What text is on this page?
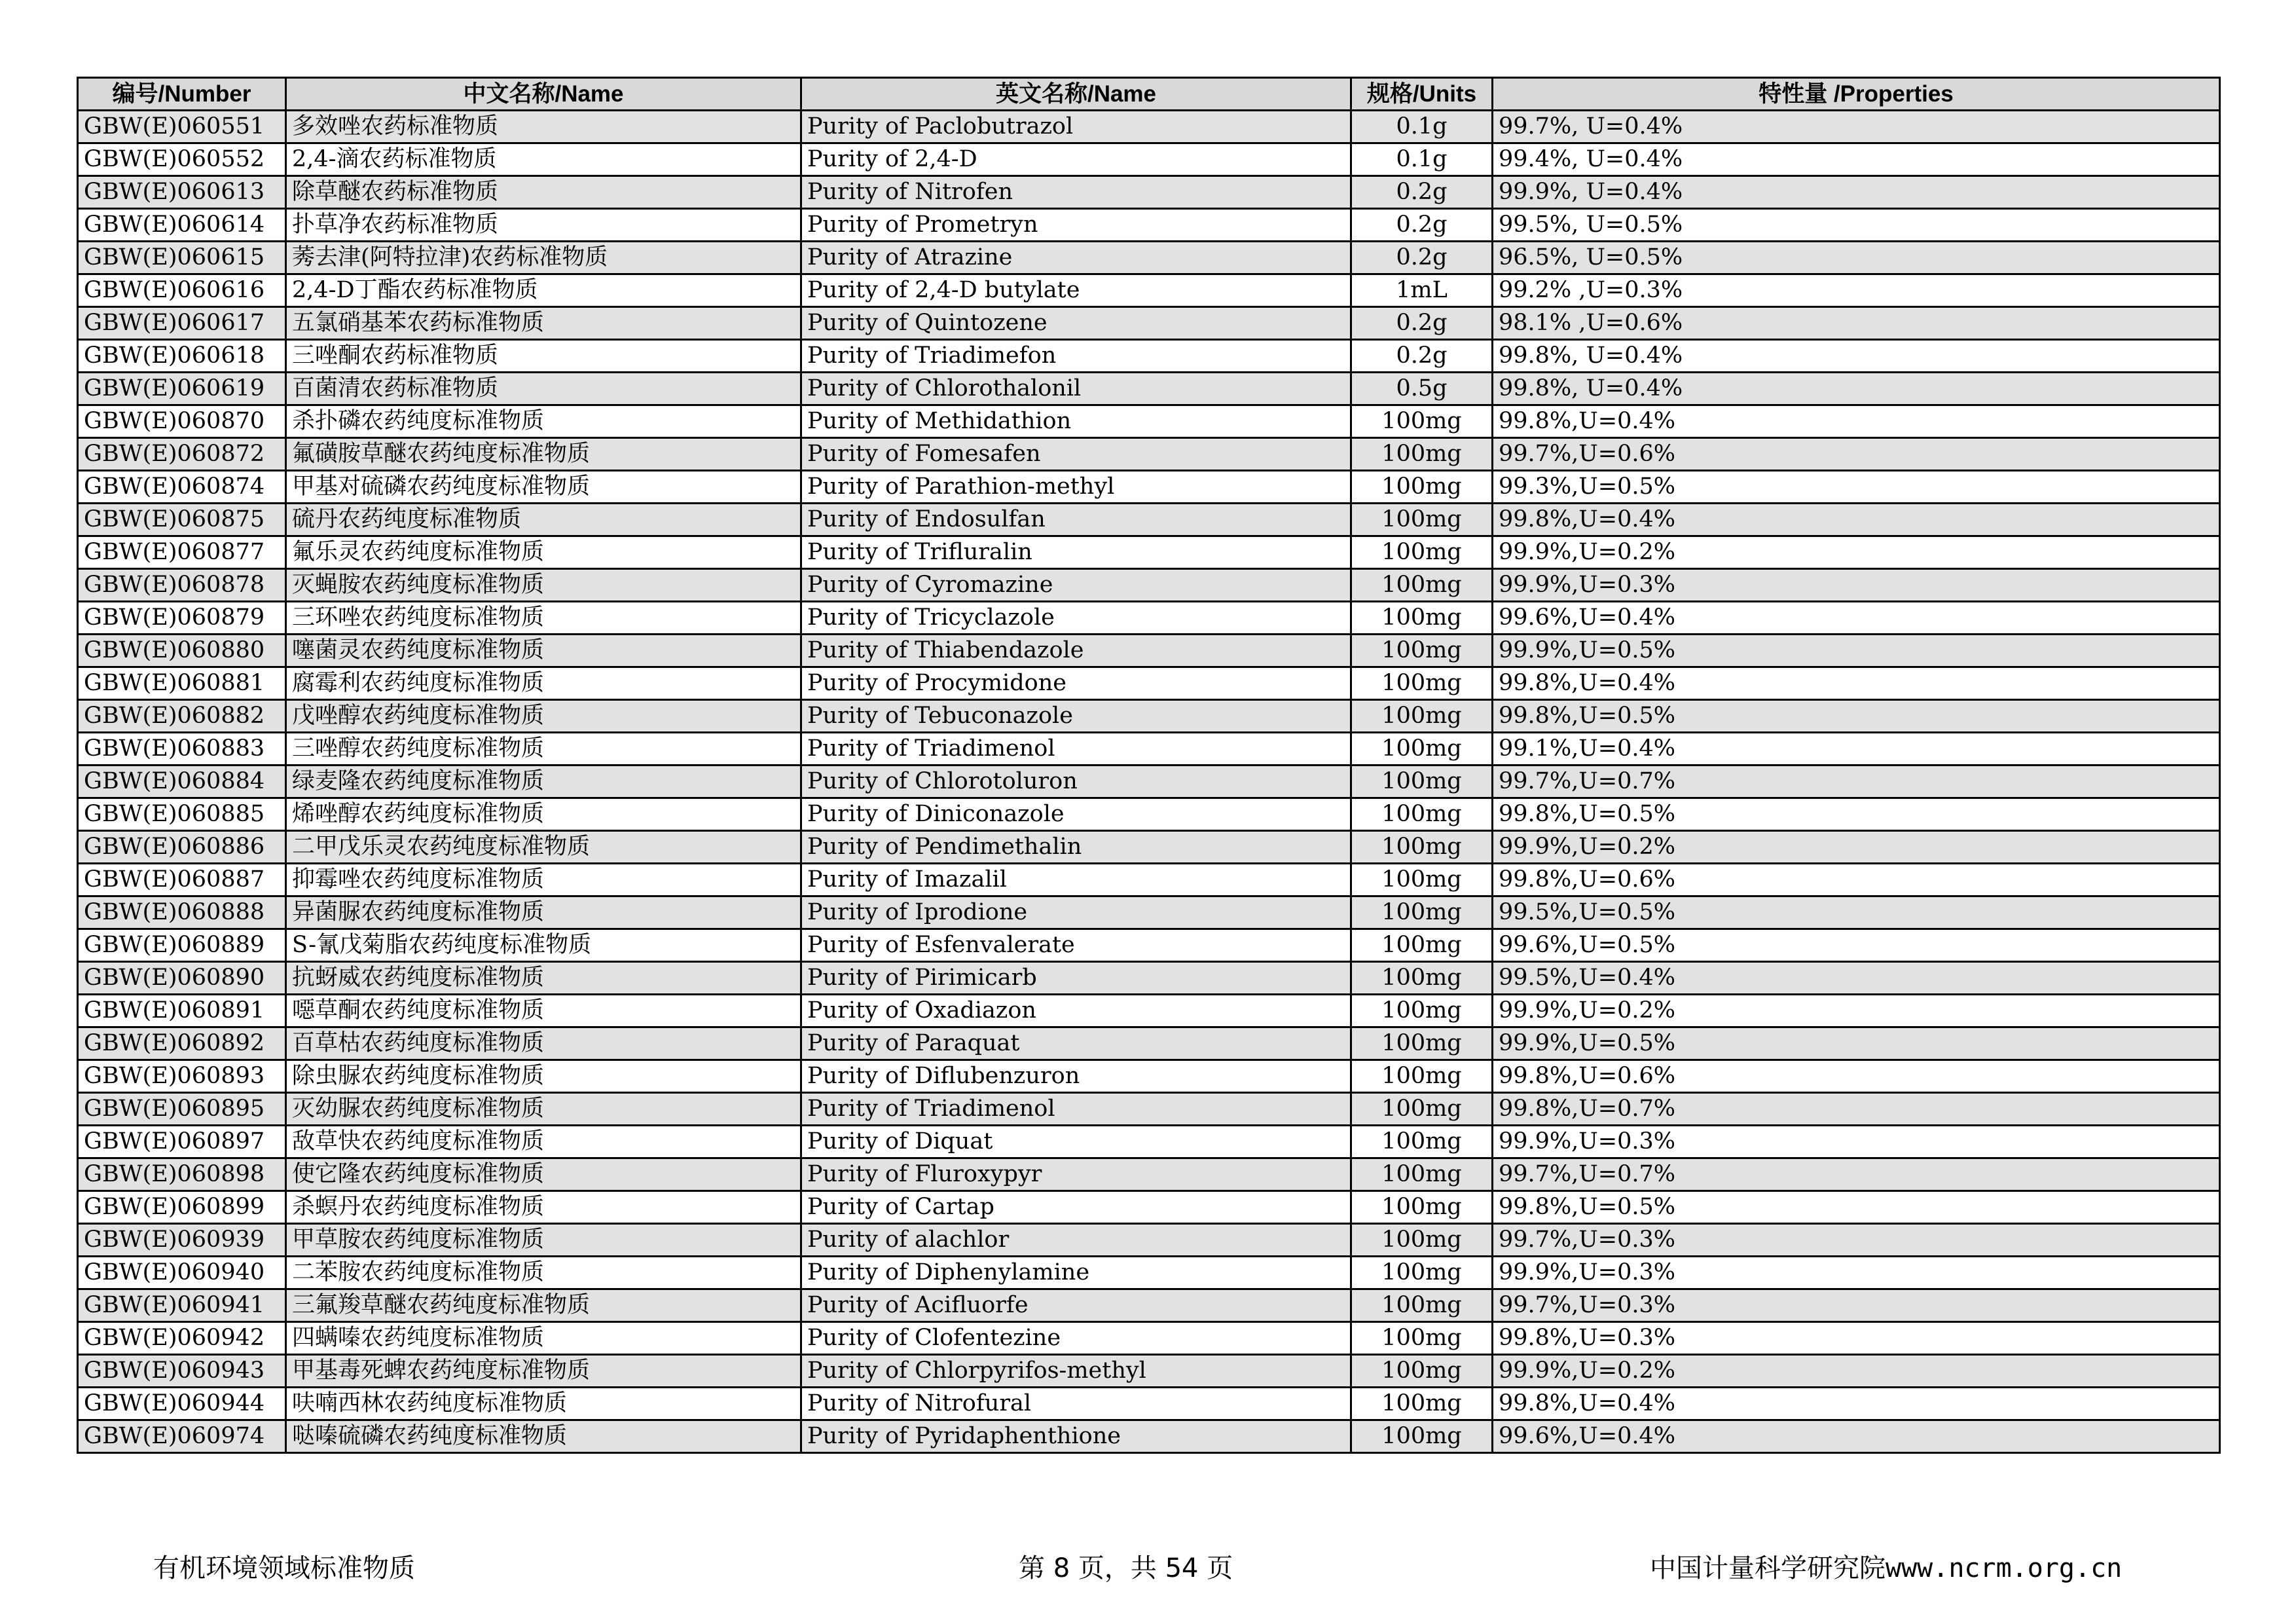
编号/Number	中文名称/Name	英文名称/Name	规格/Units	特性量 /Properties
GBW(E)060551	多效唑农药标准物质	Purity of Paclobutrazol	0.1g	99.7%, U=0.4%
GBW(E)060552	2,4-滴农药标准物质	Purity of 2,4-D	0.1g	99.4%, U=0.4%
GBW(E)060613	除草醚农药标准物质	Purity of Nitrofen	0.2g	99.9%, U=0.4%
GBW(E)060614	扑草净农药标准物质	Purity of Prometryn	0.2g	99.5%, U=0.5%
GBW(E)060615	莠去津(阿特拉津)农药标准物质	Purity of Atrazine	0.2g	96.5%, U=0.5%
GBW(E)060616	2,4-D丁酯农药标准物质	Purity of 2,4-D butylate	1mL	99.2% ,U=0.3%
GBW(E)060617	五氯硝基苯农药标准物质	Purity of Quintozene	0.2g	98.1% ,U=0.6%
GBW(E)060618	三唑酮农药标准物质	Purity of Triadimefon	0.2g	99.8%, U=0.4%
GBW(E)060619	百菌清农药标准物质	Purity of Chlorothalonil	0.5g	99.8%, U=0.4%
GBW(E)060870	杀扑磷农药纯度标准物质	Purity of Methidathion	100mg	99.8%,U=0.4%
GBW(E)060872	氟磺胺草醚农药纯度标准物质	Purity of Fomesafen	100mg	99.7%,U=0.6%
GBW(E)060874	甲基对硫磷农药纯度标准物质	Purity of Parathion-methyl	100mg	99.3%,U=0.5%
GBW(E)060875	硫丹农药纯度标准物质	Purity of Endosulfan	100mg	99.8%,U=0.4%
GBW(E)060877	氟乐灵农药纯度标准物质	Purity of Trifluralin	100mg	99.9%,U=0.2%
GBW(E)060878	灭蝇胺农药纯度标准物质	Purity of Cyromazine	100mg	99.9%,U=0.3%
GBW(E)060879	三环唑农药纯度标准物质	Purity of Tricyclazole	100mg	99.6%,U=0.4%
GBW(E)060880	噻菌灵农药纯度标准物质	Purity of Thiabendazole	100mg	99.9%,U=0.5%
GBW(E)060881	腐霉利农药纯度标准物质	Purity of Procymidone	100mg	99.8%,U=0.4%
GBW(E)060882	戊唑醇农药纯度标准物质	Purity of Tebuconazole	100mg	99.8%,U=0.5%
GBW(E)060883	三唑醇农药纯度标准物质	Purity of Triadimenol	100mg	99.1%,U=0.4%
GBW(E)060884	绿麦隆农药纯度标准物质	Purity of Chlorotoluron	100mg	99.7%,U=0.7%
GBW(E)060885	烯唑醇农药纯度标准物质	Purity of Diniconazole	100mg	99.8%,U=0.5%
GBW(E)060886	二甲戊乐灵农药纯度标准物质	Purity of Pendimethalin	100mg	99.9%,U=0.2%
GBW(E)060887	抑霉唑农药纯度标准物质	Purity of Imazalil	100mg	99.8%,U=0.6%
GBW(E)060888	异菌脲农药纯度标准物质	Purity of Iprodione	100mg	99.5%,U=0.5%
GBW(E)060889	S-氰戊菊脂农药纯度标准物质	Purity of Esfenvalerate	100mg	99.6%,U=0.5%
GBW(E)060890	抗蚜威农药纯度标准物质	Purity of Pirimicarb	100mg	99.5%,U=0.4%
GBW(E)060891	噁草酮农药纯度标准物质	Purity of Oxadiazon	100mg	99.9%,U=0.2%
GBW(E)060892	百草枯农药纯度标准物质	Purity of Paraquat	100mg	99.9%,U=0.5%
GBW(E)060893	除虫脲农药纯度标准物质	Purity of Diflubenzuron	100mg	99.8%,U=0.6%
GBW(E)060895	灭幼脲农药纯度标准物质	Purity of Triadimenol	100mg	99.8%,U=0.7%
GBW(E)060897	敌草快农药纯度标准物质	Purity of Diquat	100mg	99.9%,U=0.3%
GBW(E)060898	使它隆农药纯度标准物质	Purity of Fluroxypyr	100mg	99.7%,U=0.7%
GBW(E)060899	杀螟丹农药纯度标准物质	Purity of Cartap	100mg	99.8%,U=0.5%
GBW(E)060939	甲草胺农药纯度标准物质	Purity of alachlor	100mg	99.7%,U=0.3%
GBW(E)060940	二苯胺农药纯度标准物质	Purity of Diphenylamine	100mg	99.9%,U=0.3%
GBW(E)060941	三氟羧草醚农药纯度标准物质	Purity of Acifluorfe	100mg	99.7%,U=0.3%
GBW(E)060942	四螨嗪农药纯度标准物质	Purity of Clofentezine	100mg	99.8%,U=0.3%
GBW(E)060943	甲基毒死蜱农药纯度标准物质	Purity of Chlorpyrifos-methyl	100mg	99.9%,U=0.2%
GBW(E)060944	呋喃西林农药纯度标准物质	Purity of Nitrofural	100mg	99.8%,U=0.4%
GBW(E)060974	哒嗪硫磷农药纯度标准物质	Purity of Pyridaphenthione	100mg	99.6%,U=0.4%
有机环境领域标准物质	第 8 页，共 54 页	中国计量科学研究院www.ncrm.org.cn
